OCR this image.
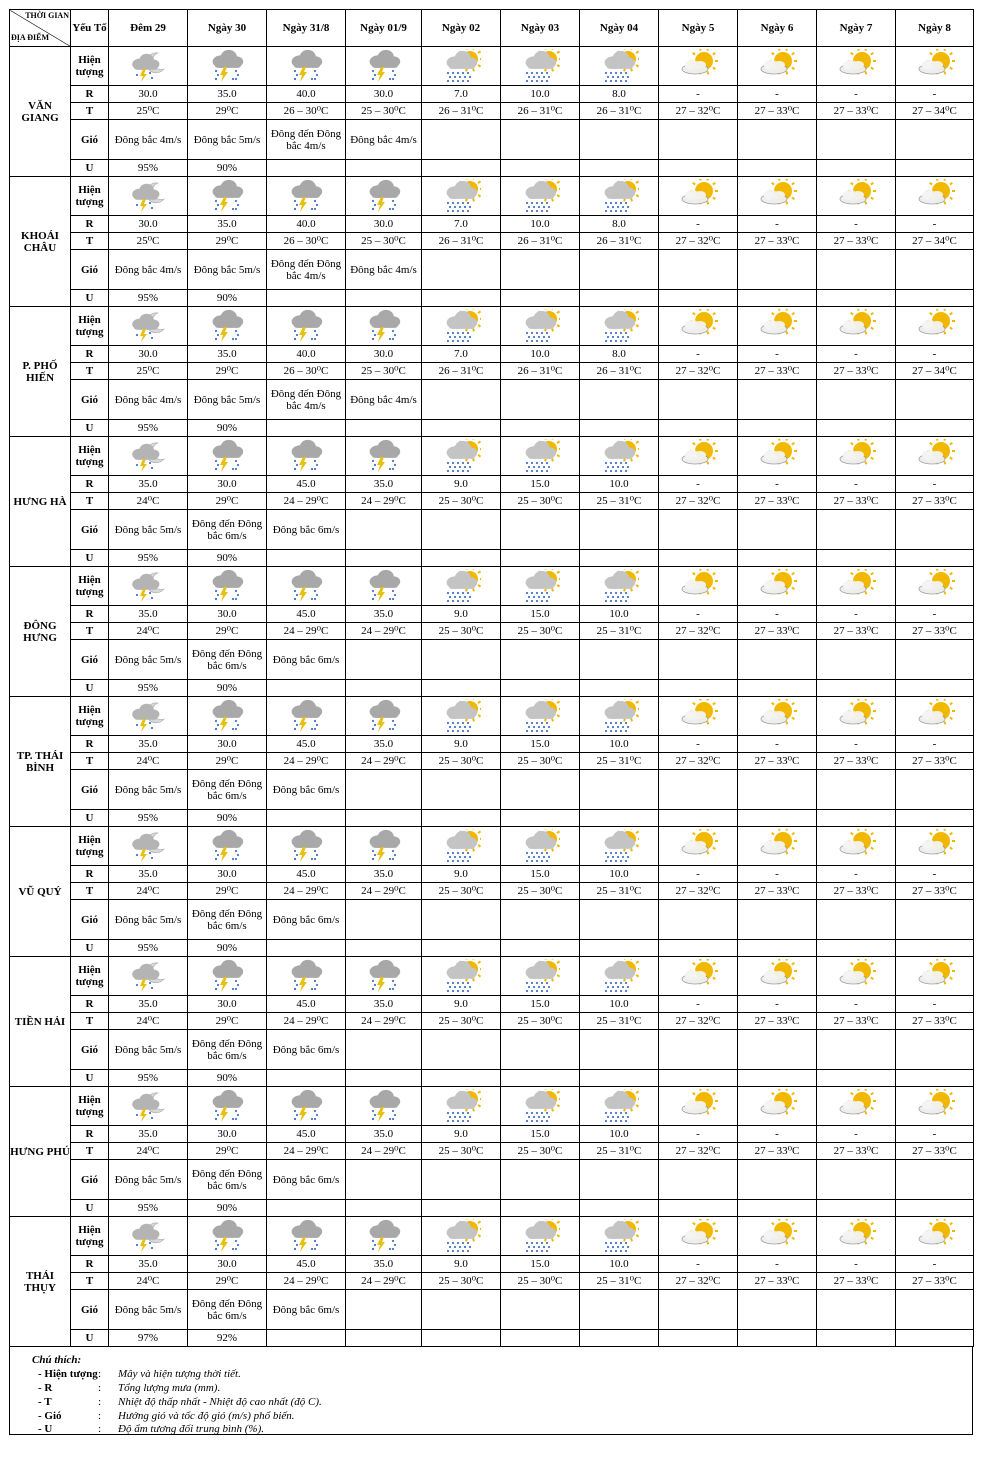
THỜI GIAN
ĐỊA ĐIỂM	Yếu Tố	Đêm 29	Ngày 30	Ngày 31/8	Ngày 01/9	Ngày 02	Ngày 03	Ngày 04	Ngày 5	Ngày 6	Ngày 7	Ngày 8
VĂN GIANG	Hiện tượng	

	R	30.0	35.0	40.0	30.0	7.0	10.0	8.0	-	-	-	-
	T	25⁰C	29⁰C	26 – 30⁰C	25 – 30⁰C	26 – 31⁰C	26 – 31⁰C	26 – 31⁰C	27 – 32⁰C	27 – 33⁰C	27 – 33⁰C	27 – 34⁰C
	Gió	Đông bắc 4m/s	Đông bắc 5m/s	Đông đến Đông bắc 4m/s	Đông bắc 4m/s							
	U	95%	90%									
KHOÁI CHÂU	Hiện tượng	

	R	30.0	35.0	40.0	30.0	7.0	10.0	8.0	-	-	-	-
	T	25⁰C	29⁰C	26 – 30⁰C	25 – 30⁰C	26 – 31⁰C	26 – 31⁰C	26 – 31⁰C	27 – 32⁰C	27 – 33⁰C	27 – 33⁰C	27 – 34⁰C
	Gió	Đông bắc 4m/s	Đông bắc 5m/s	Đông đến Đông bắc 4m/s	Đông bắc 4m/s							
	U	95%	90%									
P. PHỐ HIẾN	Hiện tượng	

	R	30.0	35.0	40.0	30.0	7.0	10.0	8.0	-	-	-	-
	T	25⁰C	29⁰C	26 – 30⁰C	25 – 30⁰C	26 – 31⁰C	26 – 31⁰C	26 – 31⁰C	27 – 32⁰C	27 – 33⁰C	27 – 33⁰C	27 – 34⁰C
	Gió	Đông bắc 4m/s	Đông bắc 5m/s	Đông đến Đông bắc 4m/s	Đông bắc 4m/s							
	U	95%	90%									
HƯNG HÀ	Hiện tượng	

	R	35.0	30.0	45.0	35.0	9.0	15.0	10.0	-	-	-	-
	T	24⁰C	29⁰C	24 – 29⁰C	24 – 29⁰C	25 – 30⁰C	25 – 30⁰C	25 – 31⁰C	27 – 32⁰C	27 – 33⁰C	27 – 33⁰C	27 – 33⁰C
	Gió	Đông bắc 5m/s	Đông đến Đông bắc 6m/s	Đông bắc 6m/s								
	U	95%	90%									
ĐÔNG HƯNG	Hiện tượng	

	R	35.0	30.0	45.0	35.0	9.0	15.0	10.0	-	-	-	-
	T	24⁰C	29⁰C	24 – 29⁰C	24 – 29⁰C	25 – 30⁰C	25 – 30⁰C	25 – 31⁰C	27 – 32⁰C	27 – 33⁰C	27 – 33⁰C	27 – 33⁰C
	Gió	Đông bắc 5m/s	Đông đến Đông bắc 6m/s	Đông bắc 6m/s								
	U	95%	90%									
TP. THÁI BÌNH	Hiện tượng	

	R	35.0	30.0	45.0	35.0	9.0	15.0	10.0	-	-	-	-
	T	24⁰C	29⁰C	24 – 29⁰C	24 – 29⁰C	25 – 30⁰C	25 – 30⁰C	25 – 31⁰C	27 – 32⁰C	27 – 33⁰C	27 – 33⁰C	27 – 33⁰C
	Gió	Đông bắc 5m/s	Đông đến Đông bắc 6m/s	Đông bắc 6m/s								
	U	95%	90%									
VŨ QUÝ	Hiện tượng	

	R	35.0	30.0	45.0	35.0	9.0	15.0	10.0	-	-	-	-
	T	24⁰C	29⁰C	24 – 29⁰C	24 – 29⁰C	25 – 30⁰C	25 – 30⁰C	25 – 31⁰C	27 – 32⁰C	27 – 33⁰C	27 – 33⁰C	27 – 33⁰C
	Gió	Đông bắc 5m/s	Đông đến Đông bắc 6m/s	Đông bắc 6m/s								
	U	95%	90%									
TIỀN HẢI	Hiện tượng	

	R	35.0	30.0	45.0	35.0	9.0	15.0	10.0	-	-	-	-
	T	24⁰C	29⁰C	24 – 29⁰C	24 – 29⁰C	25 – 30⁰C	25 – 30⁰C	25 – 31⁰C	27 – 32⁰C	27 – 33⁰C	27 – 33⁰C	27 – 33⁰C
	Gió	Đông bắc 5m/s	Đông đến Đông bắc 6m/s	Đông bắc 6m/s								
	U	95%	90%									
HƯNG PHÚ	Hiện tượng	

	R	35.0	30.0	45.0	35.0	9.0	15.0	10.0	-	-	-	-
	T	24⁰C	29⁰C	24 – 29⁰C	24 – 29⁰C	25 – 30⁰C	25 – 30⁰C	25 – 31⁰C	27 – 32⁰C	27 – 33⁰C	27 – 33⁰C	27 – 33⁰C
	Gió	Đông bắc 5m/s	Đông đến Đông bắc 6m/s	Đông bắc 6m/s								
	U	95%	90%									
THÁI THỤY	Hiện tượng	

	R	35.0	30.0	45.0	35.0	9.0	15.0	10.0	-	-	-	-
	T	24⁰C	29⁰C	24 – 29⁰C	24 – 29⁰C	25 – 30⁰C	25 – 30⁰C	25 – 31⁰C	27 – 32⁰C	27 – 33⁰C	27 – 33⁰C	27 – 33⁰C
	Gió	Đông bắc 5m/s	Đông đến Đông bắc 6m/s	Đông bắc 6m/s								
	U	97%	92%									
Chú thích:
- Hiện tượng: Mây và hiện tượng thời tiết.
- R	: Tổng lượng mưa (mm).
- T	: Nhiệt độ thấp nhất - Nhiệt độ cao nhất (độ C).
- Gió	: Hướng gió và tốc độ gió (m/s) phổ biến.
- U	: Độ ẩm tương đối trung bình (%).
